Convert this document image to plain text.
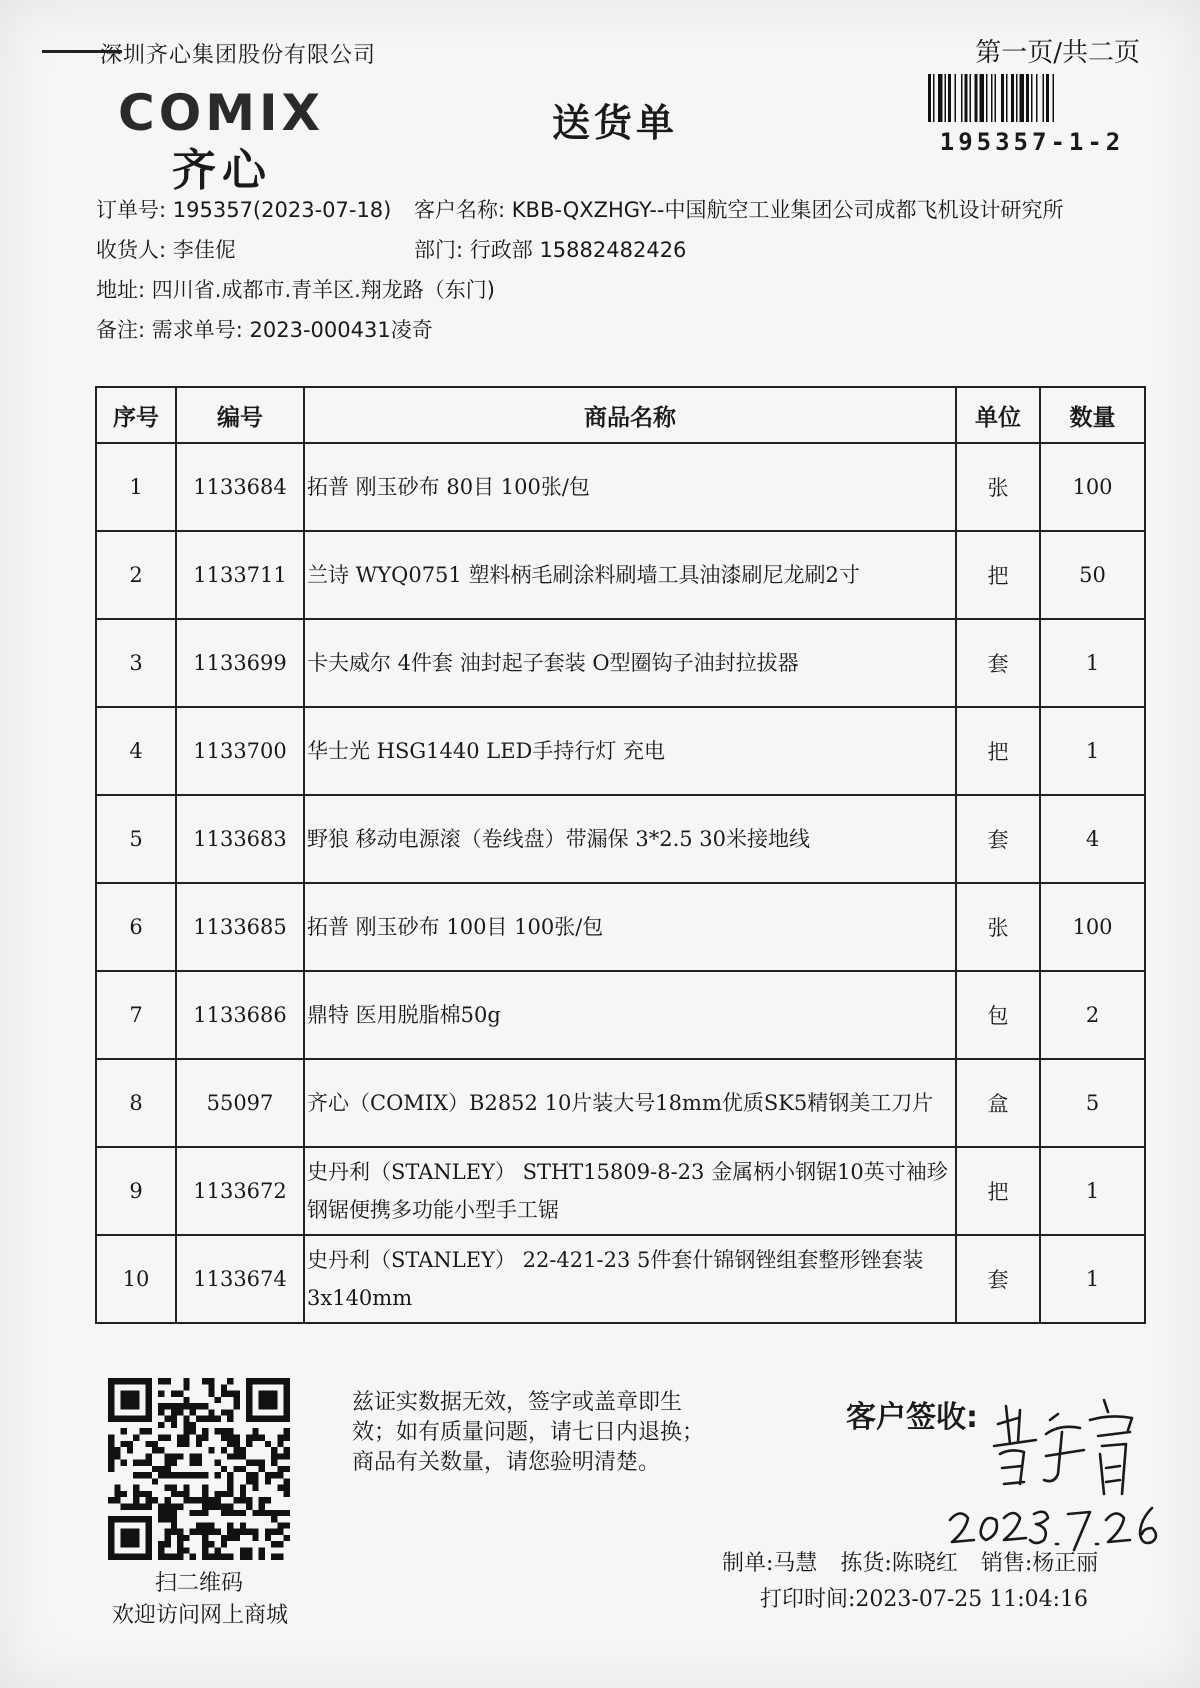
深圳齐心集团股份有限公司	第一页/共二页
195357-1-2
COMIX
齐心
送货单
订单号: 195357(2023-07-18) 客户名称: KBB-QXZHGY--中国航空工业集团公司成都飞机设计研究所
收货人: 李佳伲	部门: 行政部 15882482426
地址: 四川省.成都市.青羊区.翔龙路（东门)
备注: 需求单号: 2023-000431凌奇
序号	编号	商品名称	单位	数量
1	1133684	拓普 刚玉砂布 80目 100张/包	张	100
2	1133711	兰诗 WYQ0751 塑料柄毛刷涂料刷墙工具油漆刷尼龙刷2寸	把	50
3	1133699	卡夫威尔 4件套 油封起子套装 O型圈钩子油封拉拔器	套	1
4	1133700	华士光 HSG1440 LED手持行灯 充电	把	1
5	1133683	野狼 移动电源滚（卷线盘）带漏保 3*2.5 30米接地线	套	4
6	1133685	拓普 刚玉砂布 100目 100张/包	张	100
7	1133686	鼎特 医用脱脂棉50g	包	2
8	55097	齐心（COMIX）B2852 10片装大号18mm优质SK5精钢美工刀片	盒	5
9	1133672	史丹利（STANLEY） STHT15809-8-23 金属柄小钢锯10英寸袖珍钢锯便携多功能小型手工锯	把	1
10	1133674	史丹利（STANLEY） 22-421-23 5件套什锦钢锉组套整形锉套装3x140mm	套	1
扫二维码
欢迎访问网上商城
兹证实数据无效，签字或盖章即生
效；如有质量问题，请七日内退换；
商品有关数量，请您验明清楚。
客户签收:
制单:马慧 拣货:陈晓红 销售:杨正丽
打印时间:2023-07-25 11:04:16
